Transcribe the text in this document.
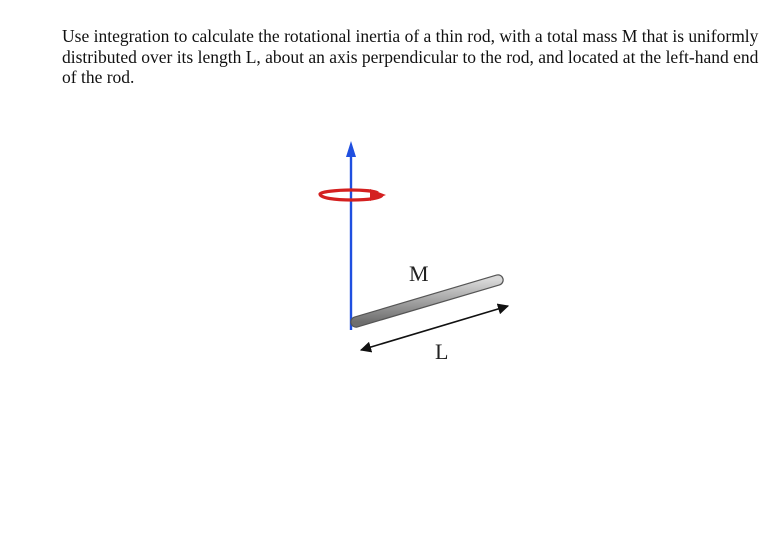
Use integration to calculate the rotational inertia of a thin rod, with a total mass M that is uniformly distributed over its length L, about an axis perpendicular to the rod, and located at the left-hand end of the rod.

M
L
